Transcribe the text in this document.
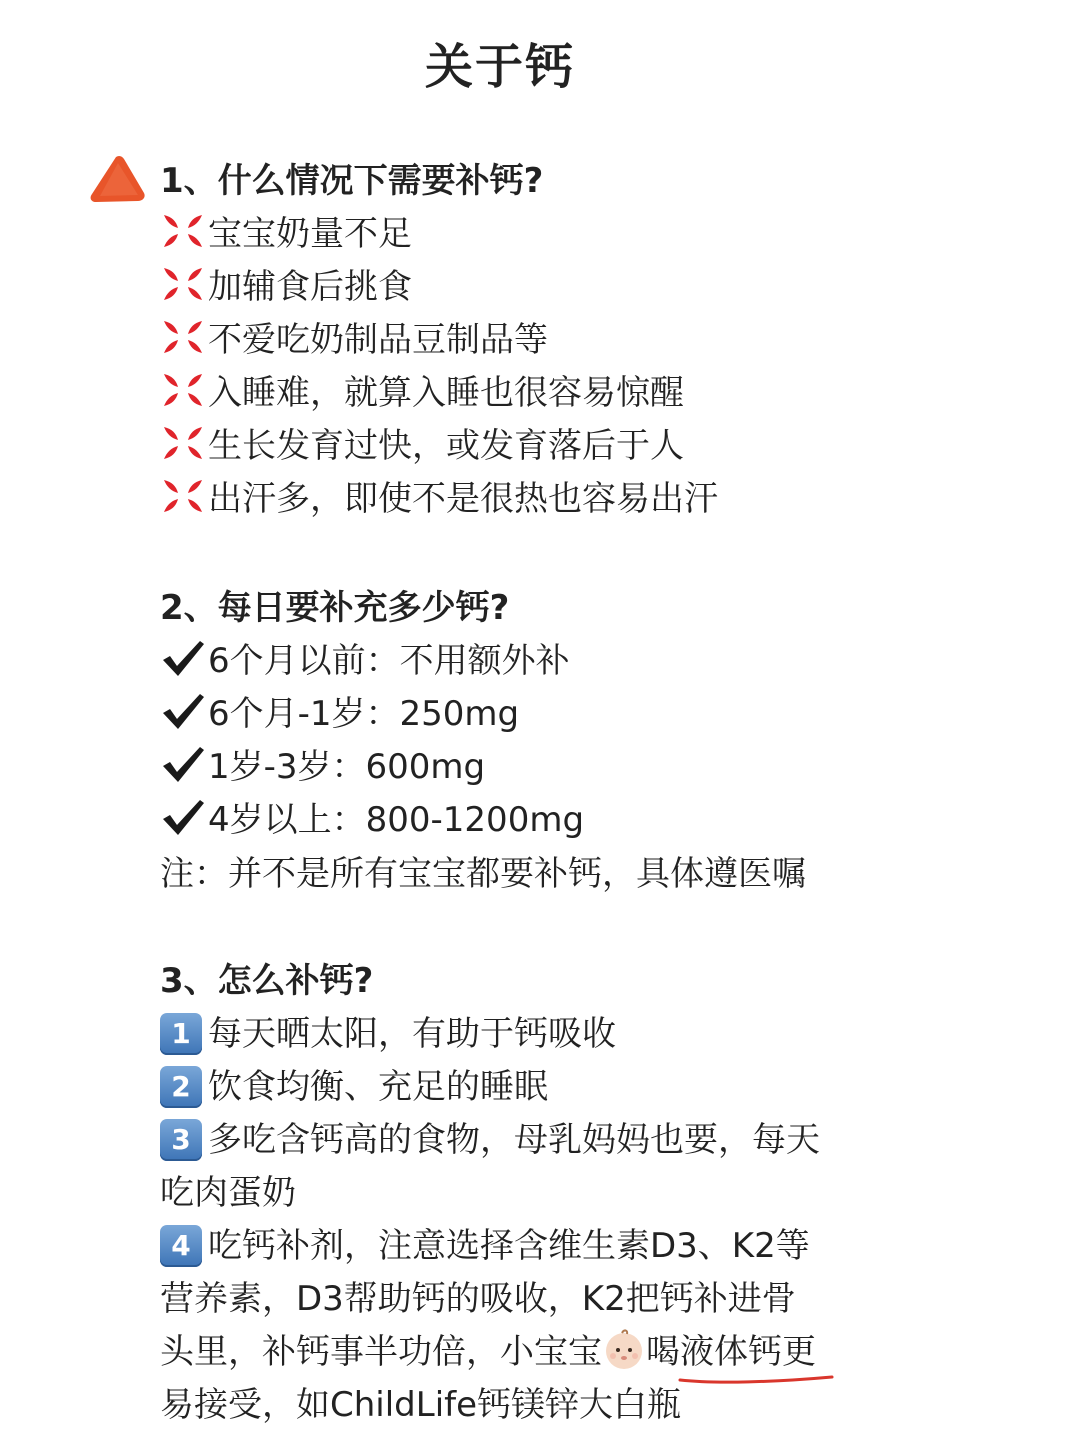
关于钙
1、什么情况下需要补钙?
宝宝奶量不足
加辅食后挑食
不爱吃奶制品豆制品等
入睡难，就算入睡也很容易惊醒
生长发育过快，或发育落后于人
出汗多，即使不是很热也容易出汗
2、每日要补充多少钙?
6个月以前：不用额外补
6个月-1岁：250mg
1岁-3岁：600mg
4岁以上：800-1200mg
注：并不是所有宝宝都要补钙，具体遵医嘱
3、怎么补钙?
1 每天晒太阳，有助于钙吸收
2 饮食均衡、充足的睡眠
3 多吃含钙高的食物，母乳妈妈也要，每天
吃肉蛋奶
4 吃钙补剂，注意选择含维生素D3、K2等
营养素，D3帮助钙的吸收，K2把钙补进骨
头里，补钙事半功倍，小宝宝 喝液体钙更
易接受，如ChildLife钙镁锌大白瓶
